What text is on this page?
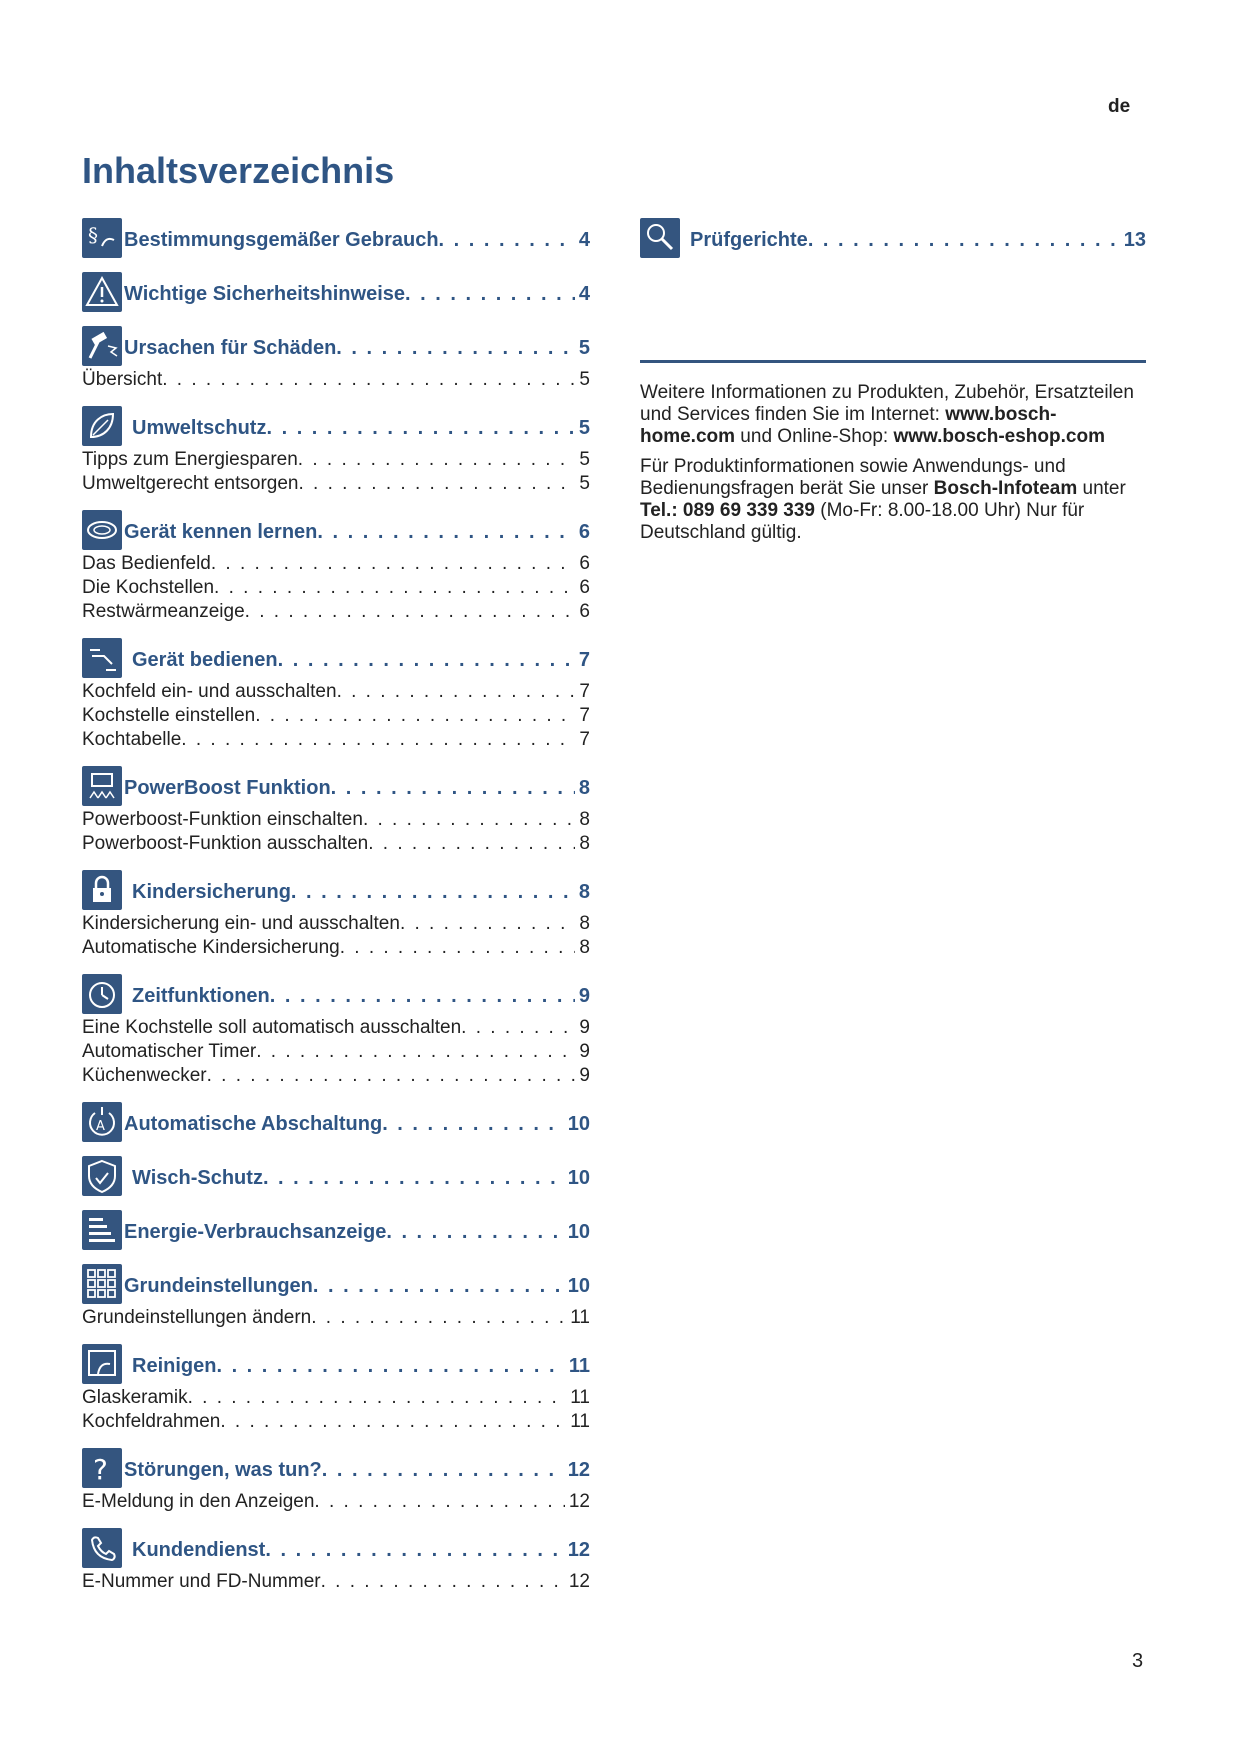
de
Inhaltsverzeichnis
§ Bestimmungsgemäßer Gebrauch . . .	4
Wichtige Sicherheitshinweise . . .	4
Ursachen für Schäden . . .	5
Übersicht . . .	5
Umweltschutz . . .	5
Tipps zum Energiesparen . . .	5
Umweltgerecht entsorgen . . .	5
Gerät kennen lernen . . .	6
Das Bedienfeld . . .	6
Die Kochstellen . . .	6
Restwärmeanzeige . . .	6
Gerät bedienen . . .	7
Kochfeld ein- und ausschalten . . .	7
Kochstelle einstellen . . .	7
Kochtabelle . . .	7
PowerBoost Funktion . . .	8
Powerboost-Funktion einschalten . . .	8
Powerboost-Funktion ausschalten . . .	8
Kindersicherung . . .	8
Kindersicherung ein- und ausschalten . . .	8
Automatische Kindersicherung . . .	8
Zeitfunktionen . . .	9
Eine Kochstelle soll automatisch ausschalten . . .	9
Automatischer Timer . . .	9
Küchenwecker . . .	9
A Automatische Abschaltung . . .	10
Wisch-Schutz . . .	10
Energie-Verbrauchsanzeige . . .	10
Grundeinstellungen . . .	10
Grundeinstellungen ändern . . .	11
Reinigen . . .	11
Glaskeramik . . .	11
Kochfeldrahmen . . .	11
? Störungen, was tun? . . .	12
E-Meldung in den Anzeigen . . .	12
Kundendienst . . .	12
E-Nummer und FD-Nummer . . .	12
Prüfgerichte . . .	13

Weitere Informationen zu Produkten, Zubehör, Ersatzteilen und Services finden Sie im Internet: www.bosch-home.com und Online-Shop: www.bosch-eshop.com

Für Produktinformationen sowie Anwendungs- und Bedienungsfragen berät Sie unser Bosch-Infoteam unter Tel.: 089 69 339 339 (Mo-Fr: 8.00-18.00 Uhr) Nur für Deutschland gültig.

3
